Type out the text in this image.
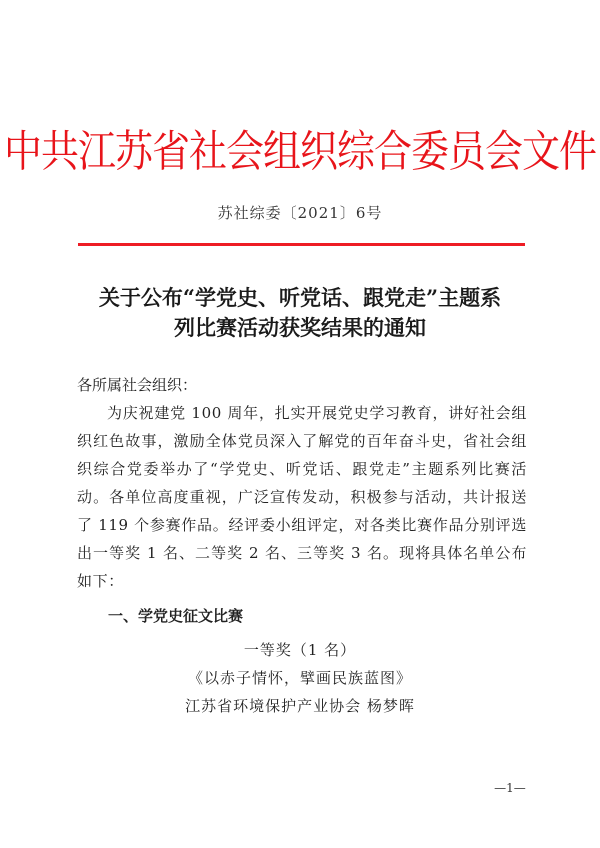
中共江苏省社会组织综合委员会文件
苏社综委〔2021〕6号
关于公布“学党史、听党话、跟党走”主题系
列比赛活动获奖结果的通知

各所属社会组织：

为庆祝建党 100 周年，扎实开展党史学习教育，讲好社会组织红色故事，激励全体党员深入了解党的百年奋斗史，省社会组织综合党委举办了“学党史、听党话、跟党走”主题系列比赛活动。各单位高度重视，广泛宣传发动，积极参与活动，共计报送了 119 个参赛作品。经评委小组评定，对各类比赛作品分别评选出一等奖 1 名、二等奖 2 名、三等奖 3 名。现将具体名单公布如下：

一、学党史征文比赛
一等奖（1 名）
《以赤子情怀，擘画民族蓝图》
江苏省环境保护产业协会 杨梦晖
—1—
